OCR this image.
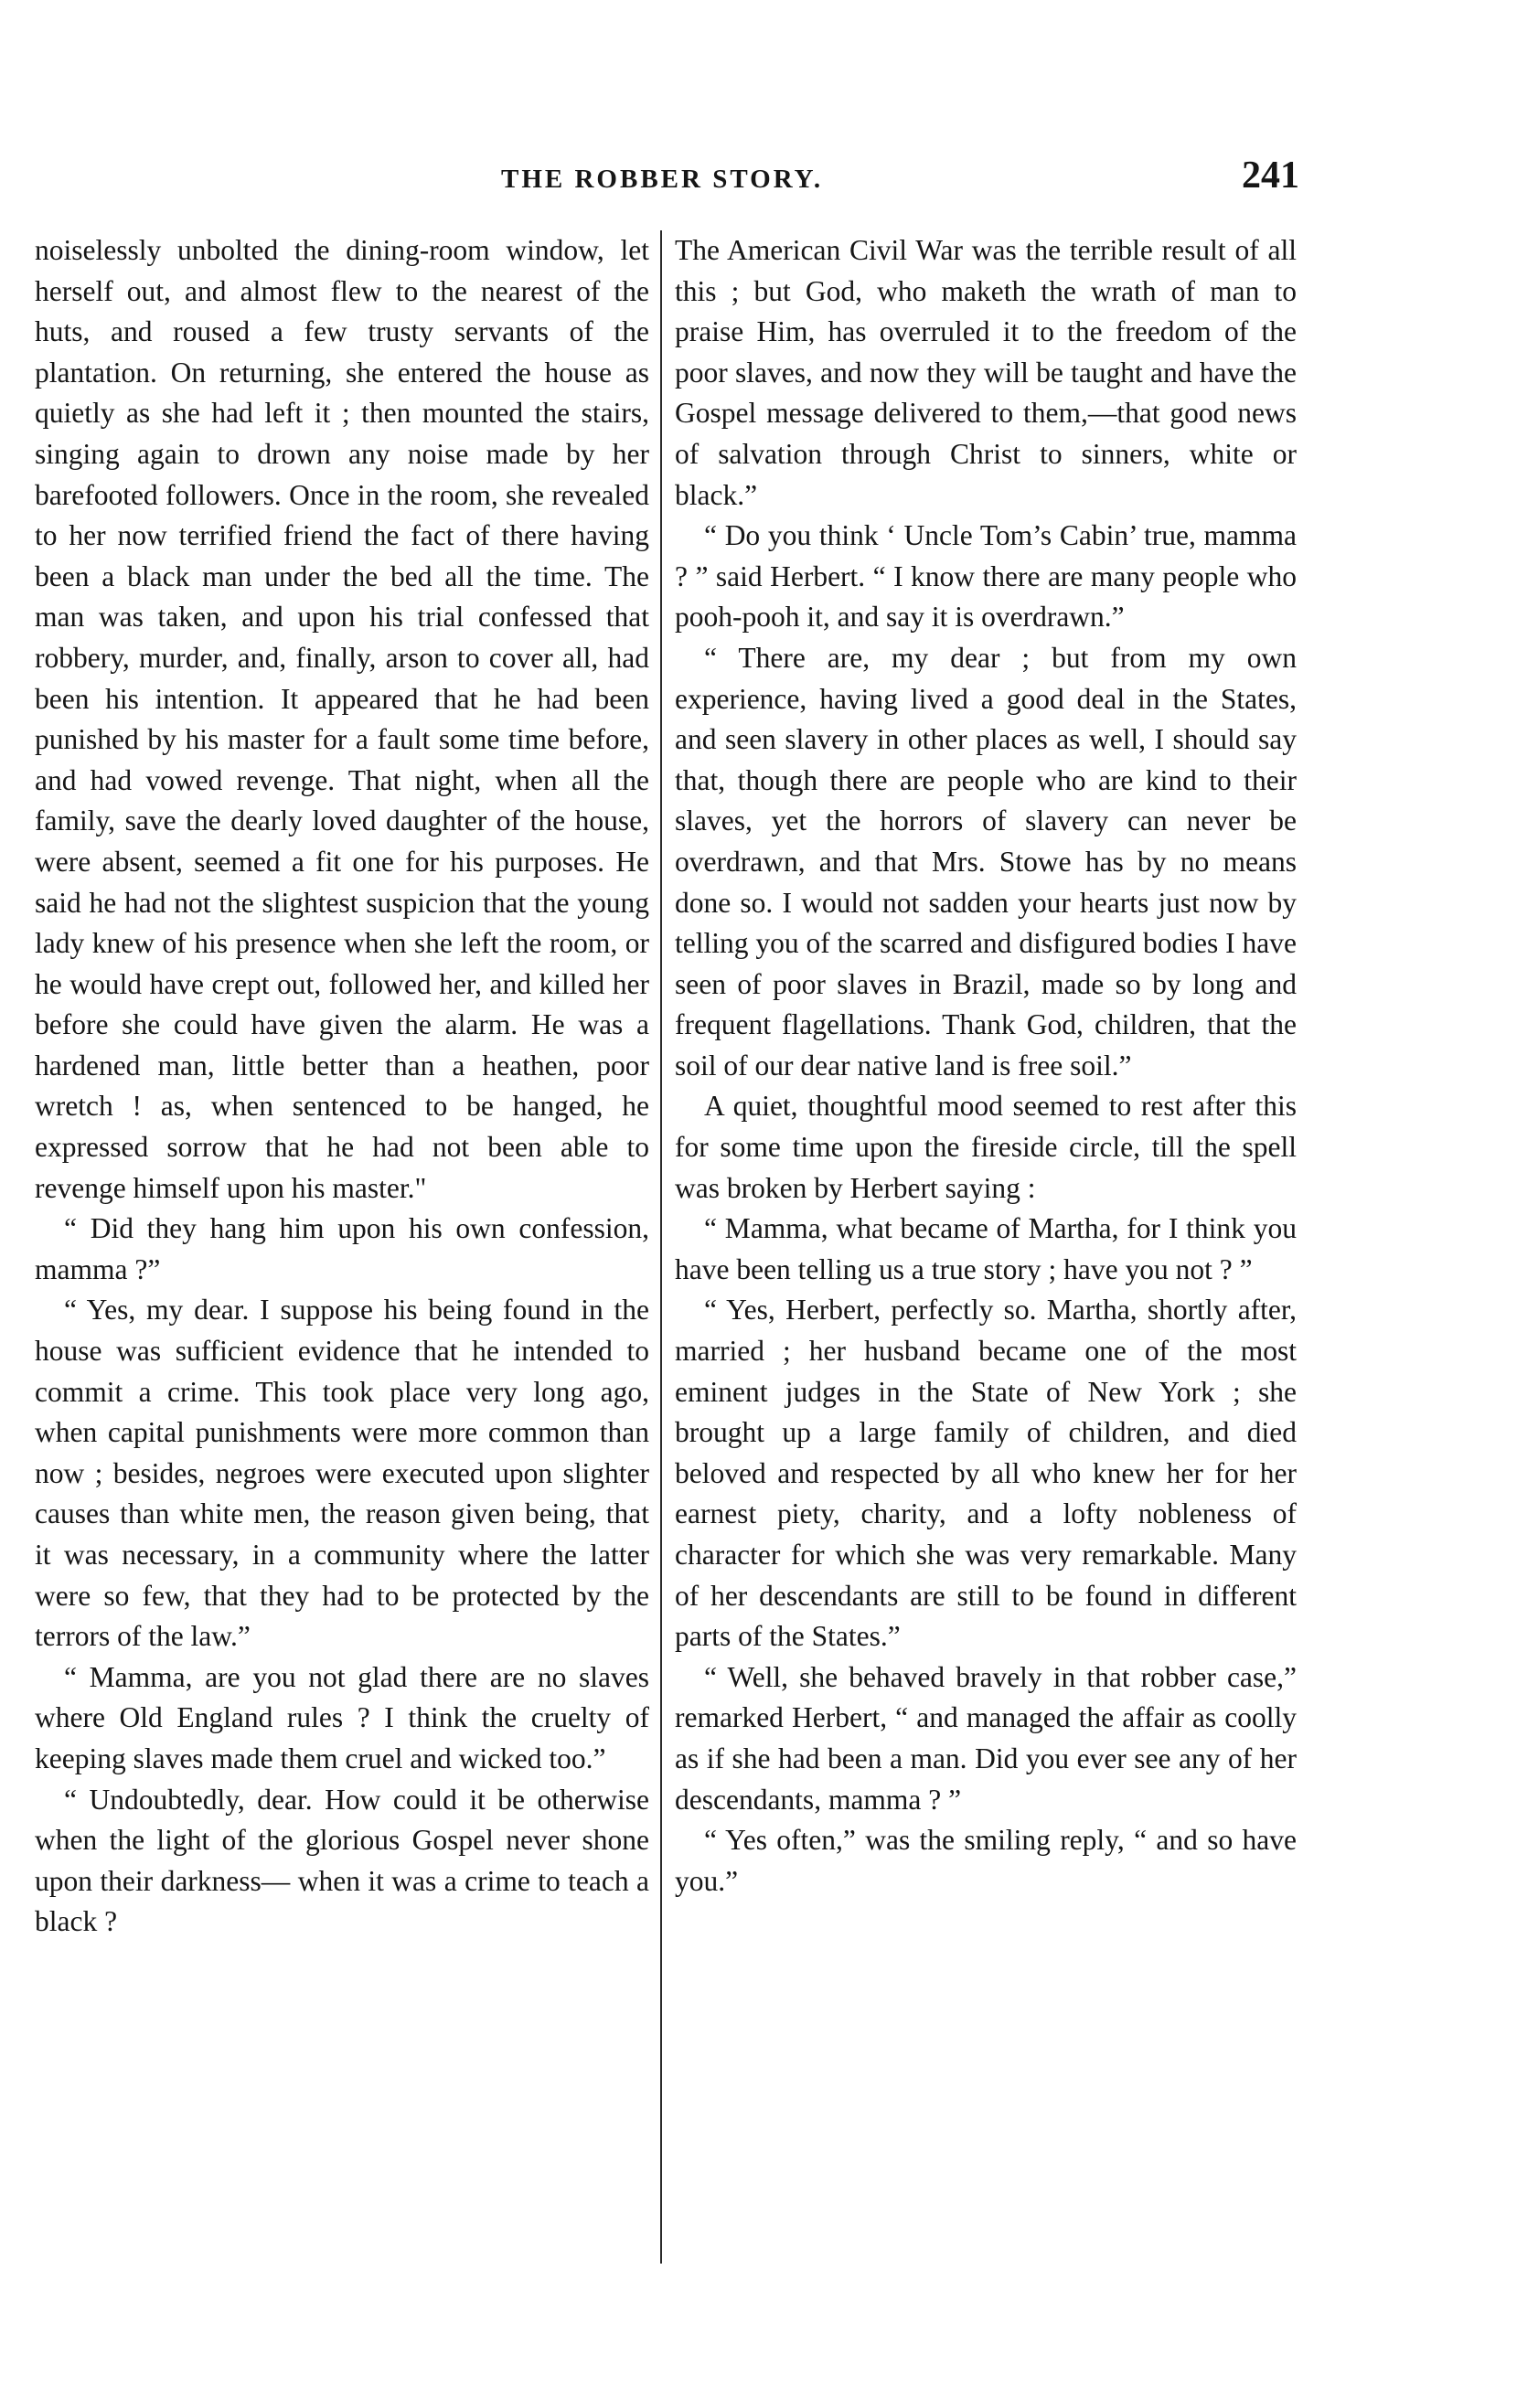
THE ROBBER STORY.	241

noiselessly unbolted the dining-room window, let herself out, and almost flew to the nearest of the huts, and roused a few trusty servants of the plantation. On returning, she entered the house as quietly as she had left it ; then mounted the stairs, singing again to drown any noise made by her barefooted followers. Once in the room, she revealed to her now terrified friend the fact of there having been a black man under the bed all the time. The man was taken, and upon his trial confessed that robbery, murder, and, finally, arson to cover all, had been his intention. It appeared that he had been punished by his master for a fault some time before, and had vowed revenge. That night, when all the family, save the dearly loved daughter of the house, were absent, seemed a fit one for his purposes. He said he had not the slightest suspicion that the young lady knew of his presence when she left the room, or he would have crept out, followed her, and killed her before she could have given the alarm. He was a hardened man, little better than a heathen, poor wretch ! as, when sentenced to be hanged, he expressed sorrow that he had not been able to revenge himself upon his master."

“ Did they hang him upon his own confession, mamma ?”

“ Yes, my dear. I suppose his being found in the house was sufficient evidence that he intended to commit a crime. This took place very long ago, when capital punishments were more common than now ; besides, negroes were executed upon slighter causes than white men, the reason given being, that it was necessary, in a community where the latter were so few, that they had to be protected by the terrors of the law.”

“ Mamma, are you not glad there are no slaves where Old England rules ? I think the cruelty of keeping slaves made them cruel and wicked too.”

“ Undoubtedly, dear. How could it be otherwise when the light of the glorious Gospel never shone upon their darkness— when it was a crime to teach a black ?

The American Civil War was the terrible result of all this ; but God, who maketh the wrath of man to praise Him, has overruled it to the freedom of the poor slaves, and now they will be taught and have the Gospel message delivered to them,—that good news of salvation through Christ to sinners, white or black.”

“ Do you think ‘ Uncle Tom’s Cabin’ true, mamma ? ” said Herbert. “ I know there are many people who pooh-pooh it, and say it is overdrawn.”

“ There are, my dear ; but from my own experience, having lived a good deal in the States, and seen slavery in other places as well, I should say that, though there are people who are kind to their slaves, yet the horrors of slavery can never be overdrawn, and that Mrs. Stowe has by no means done so. I would not sadden your hearts just now by telling you of the scarred and disfigured bodies I have seen of poor slaves in Brazil, made so by long and frequent flagellations. Thank God, children, that the soil of our dear native land is free soil.”

A quiet, thoughtful mood seemed to rest after this for some time upon the fireside circle, till the spell was broken by Herbert saying :

“ Mamma, what became of Martha, for I think you have been telling us a true story ; have you not ? ”

“ Yes, Herbert, perfectly so. Martha, shortly after, married ; her husband became one of the most eminent judges in the State of New York ; she brought up a large family of children, and died beloved and respected by all who knew her for her earnest piety, charity, and a lofty nobleness of character for which she was very remarkable. Many of her descendants are still to be found in different parts of the States.”

“ Well, she behaved bravely in that robber case,” remarked Herbert, “ and managed the affair as coolly as if she had been a man. Did you ever see any of her descendants, mamma ? ”

“ Yes often,” was the smiling reply, “ and so have you.”
